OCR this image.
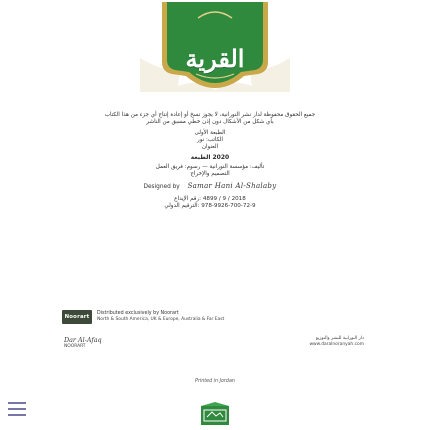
القرية
جميع الحقوق محفوظة لدار نشر النورانية، لا يجوز نسخ أو إعادة إنتاج أي جزء من هذا الكتاب
بأي شكل من الأشكال دون إذن خطي مسبق من الناشر
الطبعة الأولى
الكاتب: نور
العنوان
2020 الطبعة
تأليف: مؤسسة النورانية — رسوم: فريق العمل
التصميم والإخراج
Designed by Samar Hani Al-Shalaby
2018 / 9 / 4899 :رقم الإيداع
978-9926-700-72-9 :الترقيم الدولي
Noorart
Distributed exclusively by Noorart
North & South America, UK & Europe, Australia & Far East
Dar Al-Afaq
NOORART
دار النورانية للنشر والتوزيع
www.daralnoranyah.com
Printed in Jordan
